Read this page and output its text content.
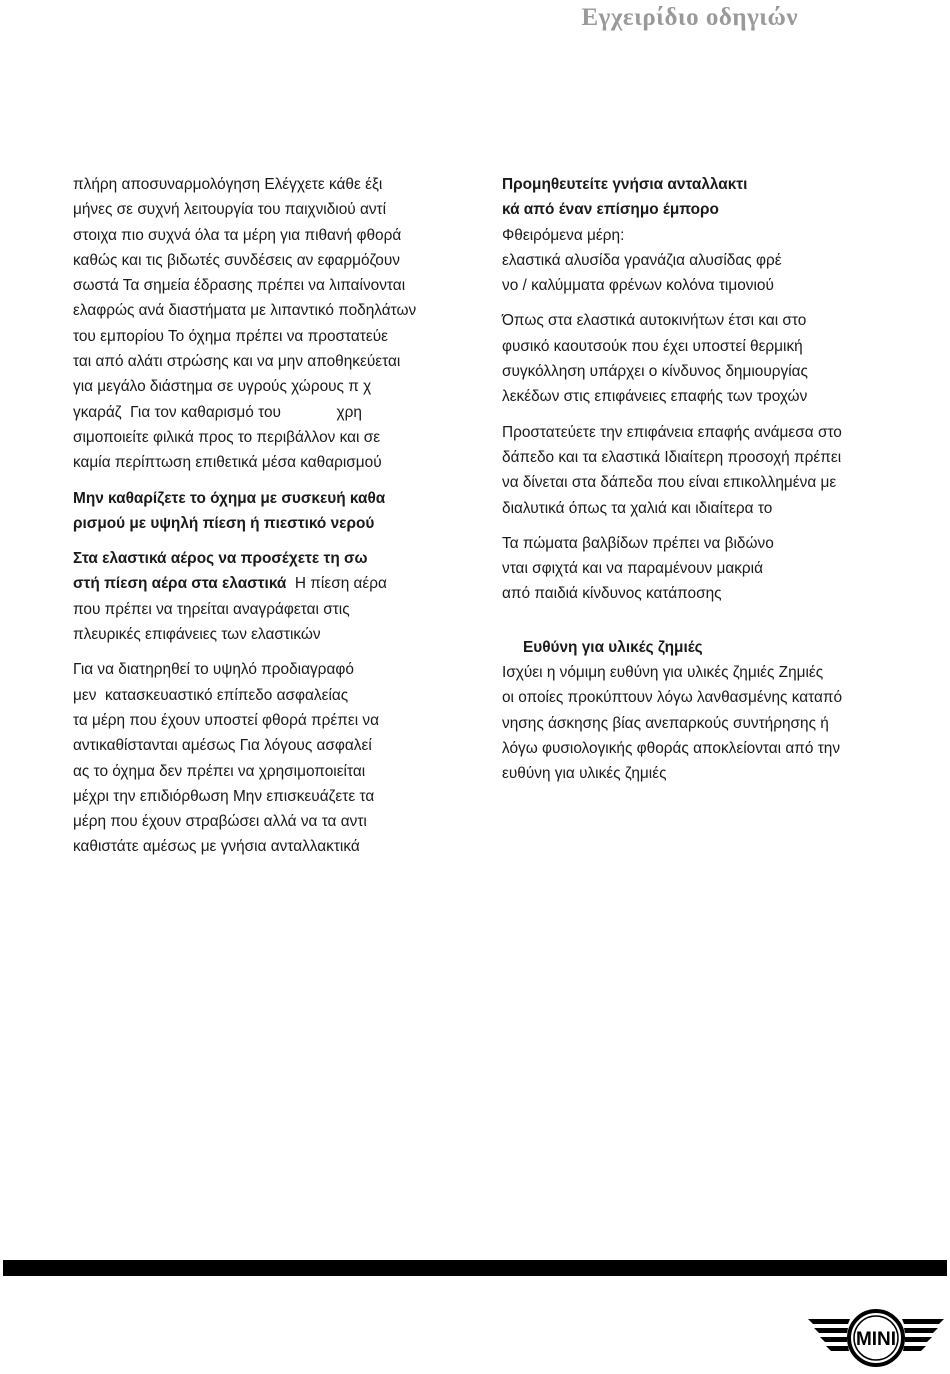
Εγχειρίδιο οδηγιών
πλήρη αποσυναρμολόγηση Ελέγχετε κάθε έξι
μήνες σε συχνή λειτουργία του παιχνιδιού αντί
στοιχα πιο συχνά όλα τα μέρη για πιθανή φθορά
καθώς και τις βιδωτές συνδέσεις αν εφαρμόζουν
σωστά Τα σημεία έδρασης πρέπει να λιπαίνονται
ελαφρώς ανά διαστήματα με λιπαντικό ποδηλάτων
του εμπορίου Το όχημα πρέπει να προστατεύε
ται από αλάτι στρώσης και να μην αποθηκεύεται
για μεγάλο διάστημα σε υγρούς χώρους π χ
γκαράζ  Για τον καθαρισμό του             χρη
σιμοποιείτε φιλικά προς το περιβάλλον και σε
καμία περίπτωση επιθετικά μέσα καθαρισμού
Μην καθαρίζετε το όχημα με συσκευή καθα
ρισμού με υψηλή πίεση ή πιεστικό νερού
Στα ελαστικά αέρος να προσέχετε τη σω
στή πίεση αέρα στα ελαστικά  Η πίεση αέρα
που πρέπει να τηρείται αναγράφεται στις
πλευρικές επιφάνειες των ελαστικών
Για να διατηρηθεί το υψηλό προδιαγραφό
μεν  κατασκευαστικό επίπεδο ασφαλείας
τα μέρη που έχουν υποστεί φθορά πρέπει να
αντικαθίστανται αμέσως Για λόγους ασφαλεί
ας το όχημα δεν πρέπει να χρησιμοποιείται
μέχρι την επιδιόρθωση Μην επισκευάζετε τα
μέρη που έχουν στραβώσει αλλά να τα αντι
καθιστάτε αμέσως με γνήσια ανταλλακτικά
Προμηθευτείτε γνήσια ανταλλακτι
κά από έναν επίσημο έμπορο
Φθειρόμενα μέρη:
ελαστικά αλυσίδα γρανάζια αλυσίδας φρέ
νο / καλύμματα φρένων κολόνα τιμονιού
Όπως στα ελαστικά αυτοκινήτων έτσι και στο
φυσικό καουτσούκ που έχει υποστεί θερμική
συγκόλληση υπάρχει ο κίνδυνος δημιουργίας
λεκέδων στις επιφάνειες επαφής των τροχών
Προστατεύετε την επιφάνεια επαφής ανάμεσα στο
δάπεδο και τα ελαστικά Ιδιαίτερη προσοχή πρέπει
να δίνεται στα δάπεδα που είναι επικολλημένα με
διαλυτικά όπως τα χαλιά και ιδιαίτερα το
Τα πώματα βαλβίδων πρέπει να βιδώνο
νται σφιχτά και να παραμένουν μακριά
από παιδιά κίνδυνος κατάποσης
Ευθύνη για υλικές ζημιές
Ισχύει η νόμιμη ευθύνη για υλικές ζημιές Ζημιές
οι οποίες προκύπτουν λόγω λανθασμένης καταπό
νησης άσκησης βίας ανεπαρκούς συντήρησης ή
λόγω φυσιολογικής φθοράς αποκλείονται από την
ευθύνη για υλικές ζημιές
MINI
